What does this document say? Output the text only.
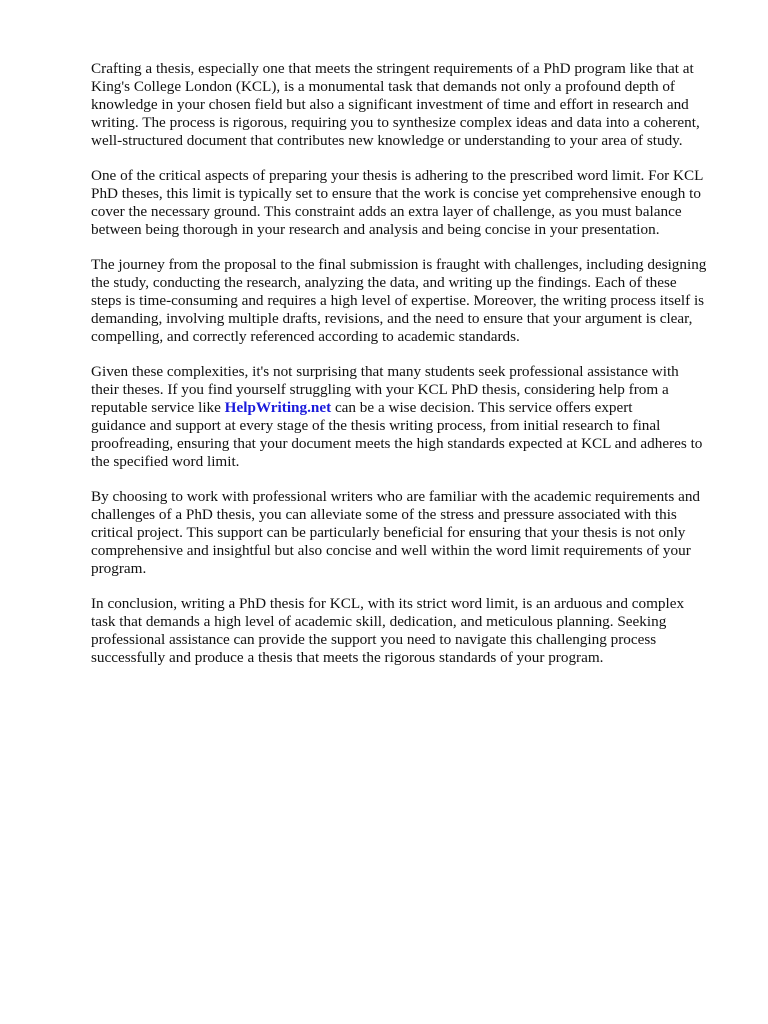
Crafting a thesis, especially one that meets the stringent requirements of a PhD program like that at
King's College London (KCL), is a monumental task that demands not only a profound depth of
knowledge in your chosen field but also a significant investment of time and effort in research and
writing. The process is rigorous, requiring you to synthesize complex ideas and data into a coherent,
well-structured document that contributes new knowledge or understanding to your area of study.

One of the critical aspects of preparing your thesis is adhering to the prescribed word limit. For KCL
PhD theses, this limit is typically set to ensure that the work is concise yet comprehensive enough to
cover the necessary ground. This constraint adds an extra layer of challenge, as you must balance
between being thorough in your research and analysis and being concise in your presentation.

The journey from the proposal to the final submission is fraught with challenges, including designing
the study, conducting the research, analyzing the data, and writing up the findings. Each of these
steps is time-consuming and requires a high level of expertise. Moreover, the writing process itself is
demanding, involving multiple drafts, revisions, and the need to ensure that your argument is clear,
compelling, and correctly referenced according to academic standards.

Given these complexities, it's not surprising that many students seek professional assistance with
their theses. If you find yourself struggling with your KCL PhD thesis, considering help from a
reputable service like HelpWriting.net can be a wise decision. This service offers expert
guidance and support at every stage of the thesis writing process, from initial research to final
proofreading, ensuring that your document meets the high standards expected at KCL and adheres to
the specified word limit.

By choosing to work with professional writers who are familiar with the academic requirements and
challenges of a PhD thesis, you can alleviate some of the stress and pressure associated with this
critical project. This support can be particularly beneficial for ensuring that your thesis is not only
comprehensive and insightful but also concise and well within the word limit requirements of your
program.

In conclusion, writing a PhD thesis for KCL, with its strict word limit, is an arduous and complex
task that demands a high level of academic skill, dedication, and meticulous planning. Seeking
professional assistance can provide the support you need to navigate this challenging process
successfully and produce a thesis that meets the rigorous standards of your program.
